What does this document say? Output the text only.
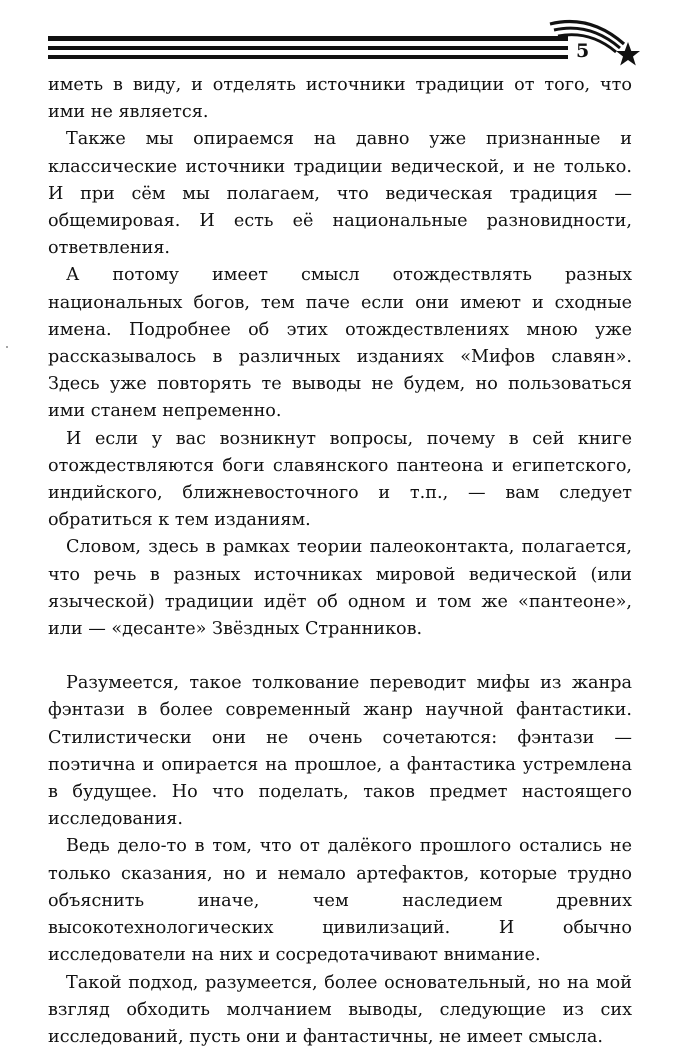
5

иметь в виду, и отделять источники традиции от того, что ими не является.

Также мы опираемся на давно уже признанные и классические источники традиции ведической, и не только. И при сём мы полагаем, что ведическая традиция — общемировая. И есть её национальные разновидности, ответвления.

А потому имеет смысл отождествлять разных национальных богов, тем паче если они имеют и сходные имена. Подробнее об этих отождествлениях мною уже рассказывалось в различных изданиях «Мифов славян». Здесь уже повторять те выводы не будем, но пользоваться ими станем непременно.

И если у вас возникнут вопросы, почему в сей книге отождествляются боги славянского пантеона и египетского, индийского, ближневосточного и т.п., — вам следует обратиться к тем изданиям.

Словом, здесь в рамках теории палеоконтакта, полагается, что речь в разных источниках мировой ведической (или языческой) традиции идёт об одном и том же «пантеоне», или — «десанте» Звёздных Странников.

Разумеется, такое толкование переводит мифы из жанра фэнтази в более современный жанр научной фантастики. Стилистически они не очень сочетаются: фэнтази — поэтична и опирается на прошлое, а фантастика устремлена в будущее. Но что поделать, таков предмет настоящего исследования.

Ведь дело-то в том, что от далёкого прошлого остались не только сказания, но и немало артефактов, которые трудно объяснить иначе, чем наследием древних высокотехнологических цивилизаций. И обычно исследователи на них и сосредотачивают внимание.

Такой подход, разумеется, более основательный, но на мой взгляд обходить молчанием выводы, следующие из сих исследований, пусть они и фантастичны, не имеет смысла.
